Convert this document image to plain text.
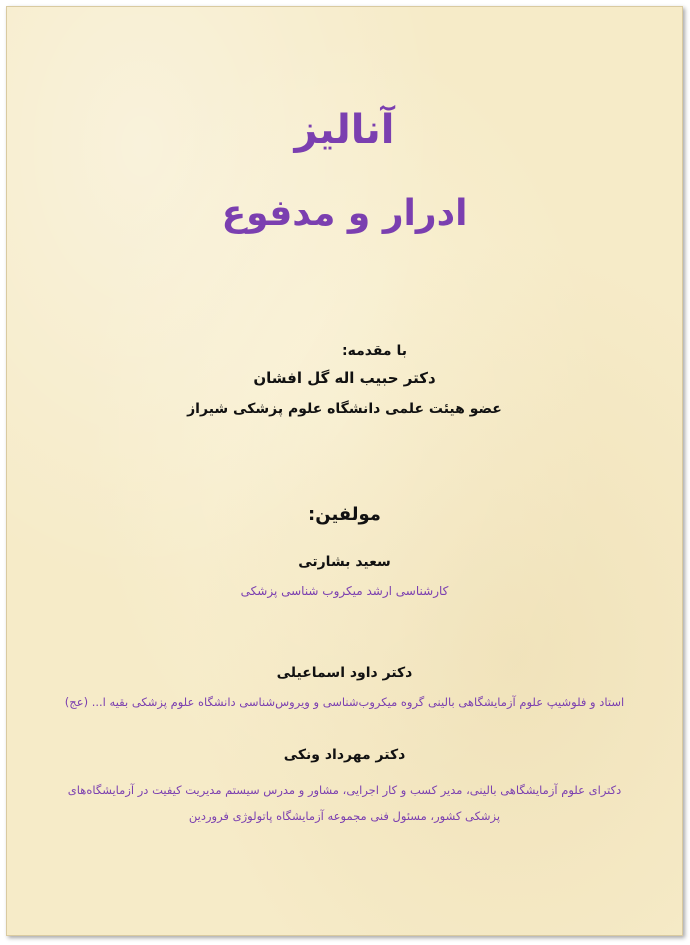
آنالیز
ادرار و مدفوع
با مقدمه:
دکتر حبیب اله گل افشان
عضو هیئت علمی دانشگاه علوم پزشکی شیراز
مولفین:
سعید بشارتی
کارشناسی ارشد میکروب شناسی پزشکی
دکتر داود اسماعیلی
استاد و فلوشیپ علوم آزمایشگاهی بالینی گروه میکروب‌شناسی و ویروس‌شناسی دانشگاه علوم پزشکی بقیه ا... (عج)
دکتر مهرداد ونکی
دکترای علوم آزمایشگاهی بالینی، مدیر کسب و کار اجرایی، مشاور و مدرس سیستم مدیریت کیفیت در آزمایشگاه‌های پزشکی کشور، مسئول فنی مجموعه آزمایشگاه پاتولوژی فروردین
